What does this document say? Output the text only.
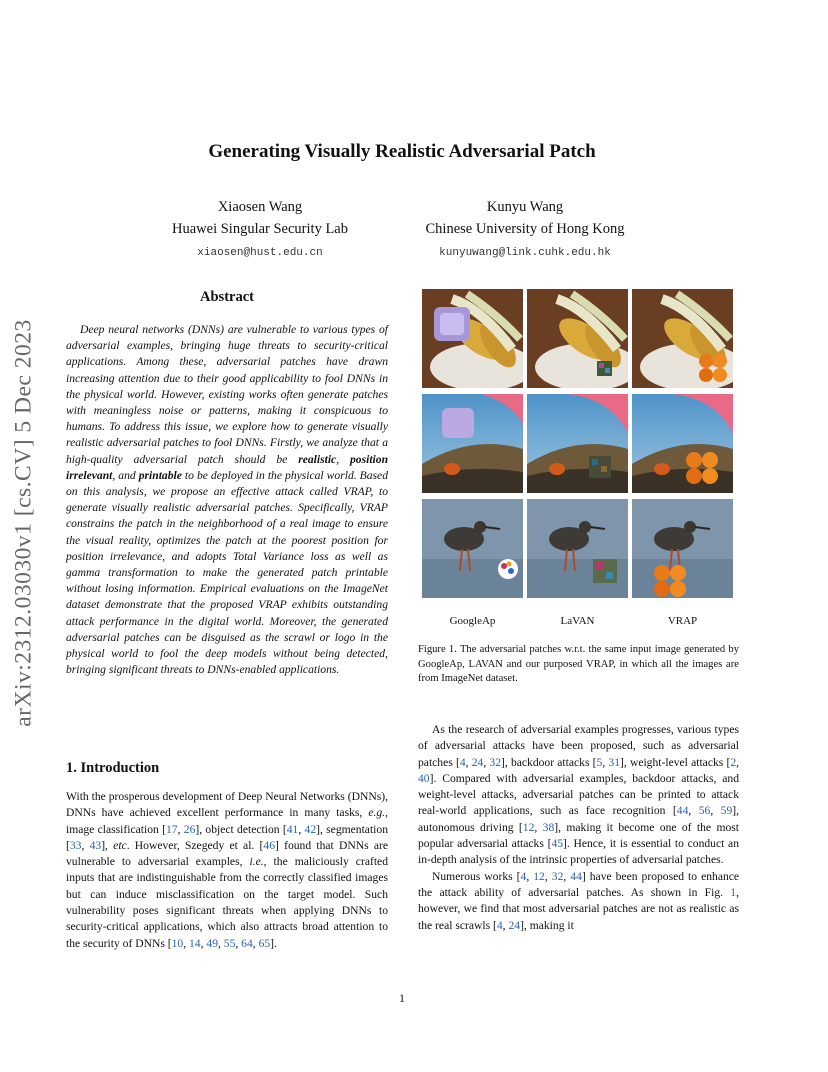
arXiv:2312.03030v1 [cs.CV] 5 Dec 2023
Generating Visually Realistic Adversarial Patch
Xiaosen Wang
Huawei Singular Security Lab
xiaosen@hust.edu.cn
Kunyu Wang
Chinese University of Hong Kong
kunyuwang@link.cuhk.edu.hk
Abstract
Deep neural networks (DNNs) are vulnerable to various types of adversarial examples, bringing huge threats to security-critical applications. Among these, adversarial patches have drawn increasing attention due to their good applicability to fool DNNs in the physical world. However, existing works often generate patches with meaningless noise or patterns, making it conspicuous to humans. To address this issue, we explore how to generate visually realistic adversarial patches to fool DNNs. Firstly, we analyze that a high-quality adversarial patch should be realistic, position irrelevant, and printable to be deployed in the physical world. Based on this analysis, we propose an effective attack called VRAP, to generate visually realistic adversarial patches. Specifically, VRAP constrains the patch in the neighborhood of a real image to ensure the visual reality, optimizes the patch at the poorest position for position irrelevance, and adopts Total Variance loss as well as gamma transformation to make the generated patch printable without losing information. Empirical evaluations on the ImageNet dataset demonstrate that the proposed VRAP exhibits outstanding attack performance in the digital world. Moreover, the generated adversarial patches can be disguised as the scrawl or logo in the physical world to fool the deep models without being detected, bringing significant threats to DNNs-enabled applications.
1. Introduction
With the prosperous development of Deep Neural Networks (DNNs), DNNs have achieved excellent performance in many tasks, e.g., image classification [17, 26], object detection [41, 42], segmentation [33, 43], etc. However, Szegedy et al. [46] found that DNNs are vulnerable to adversarial examples, i.e., the maliciously crafted inputs that are indistinguishable from the correctly classified images but can induce misclassification on the target model. Such vulnerability poses significant threats when applying DNNs to security-critical applications, which also attracts broad attention to the security of DNNs [10, 14, 49, 55, 64, 65].
GoogleAp	LaVAN	VRAP
Figure 1. The adversarial patches w.r.t. the same input image generated by GoogleAp, LAVAN and our purposed VRAP, in which all the images are from ImageNet dataset.

As the research of adversarial examples progresses, various types of adversarial attacks have been proposed, such as adversarial patches [4, 24, 32], backdoor attacks [5, 31], weight-level attacks [2, 40]. Compared with adversarial examples, backdoor attacks, and weight-level attacks, adversarial patches can be printed to attack real-world applications, such as face recognition [44, 56, 59], autonomous driving [12, 38], making it become one of the most popular adversarial attacks [45]. Hence, it is essential to conduct an in-depth analysis of the intrinsic properties of adversarial patches.

Numerous works [4, 12, 32, 44] have been proposed to enhance the attack ability of adversarial patches. As shown in Fig. 1, however, we find that most adversarial patches are not as realistic as the real scrawls [4, 24], making it

1
